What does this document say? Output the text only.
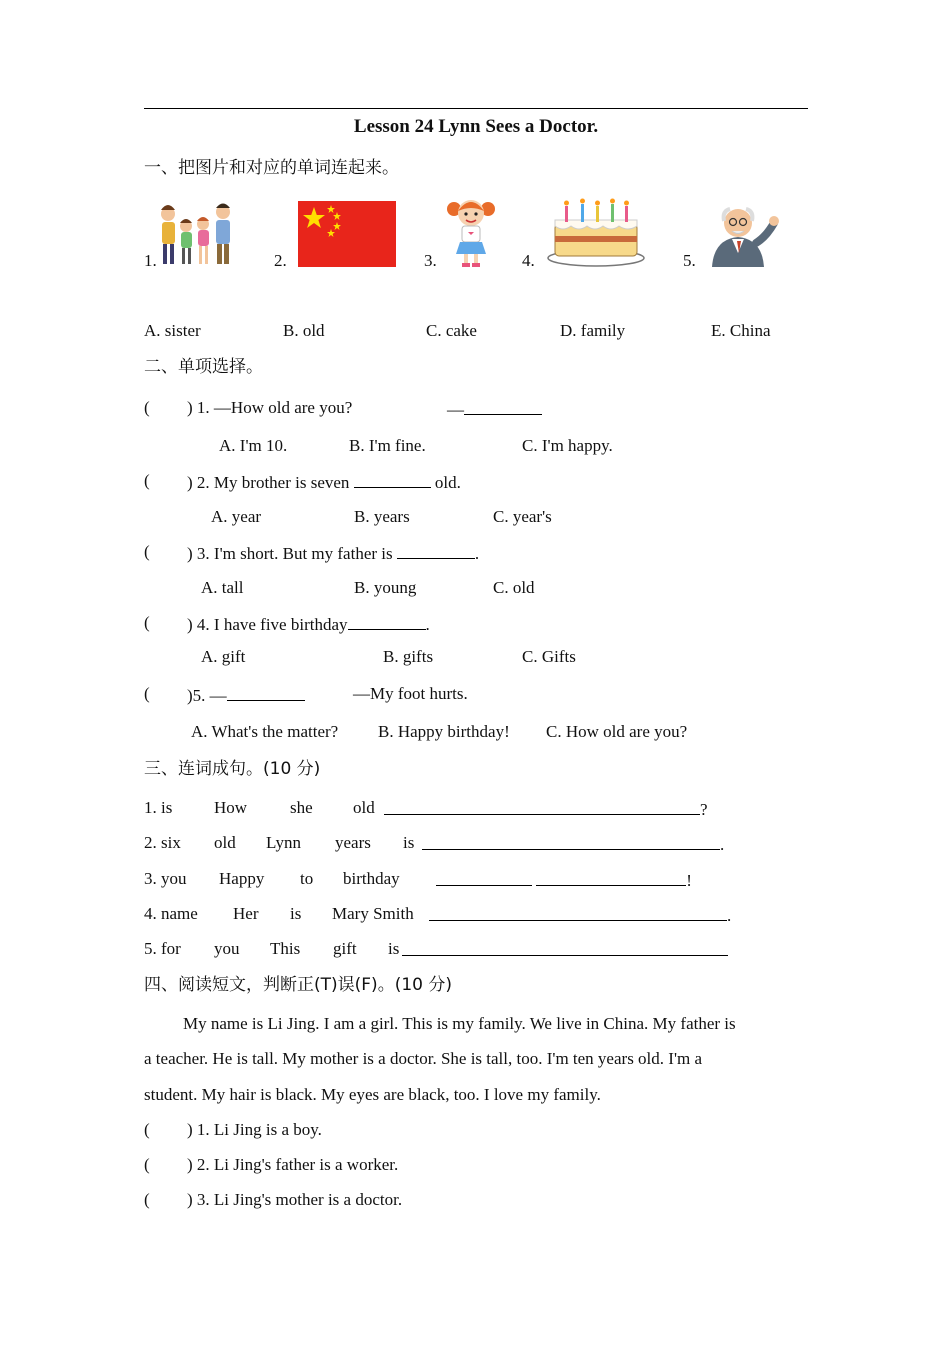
Lesson 24 Lynn Sees a Doctor.
一、把图片和对应的单词连起来。
1.	2.	3.	4.	5.
A. sister	B. old	C. cake	D. family	E. China
二、单项选择。
( ) 1. —How old are you?	—
A. I'm 10.	B. I'm fine.	C. I'm happy.
( ) 2. My brother is seven	old.
A. year	B. years	C. year's
( ) 3. I'm short. But my father is	.
A. tall	B. young	C. old
( ) 4. I have five birthday	.
A. gift	B. gifts	C. Gifts
( )5. —	—My foot hurts.
A. What's the matter? B. Happy birthday! C. How old are you?
三、连词成句。(10 分)
1. is How	she old	?
2. six old Lynn years is	.
3. you Happy to birthday	!
4. name Her is Mary Smith	.
5. for you This gift is
四、阅读短文，判断正(T)误(F)。(10 分)
My name is Li Jing. I am a girl. This is my family. We live in China. My father is
a teacher. He is tall. My mother is a doctor. She is tall, too. I'm ten years old. I'm a
student. My hair is black. My eyes are black, too. I love my family.
( ) 1. Li Jing is a boy.
( ) 2. Li Jing's father is a worker.
( ) 3. Li Jing's mother is a doctor.
